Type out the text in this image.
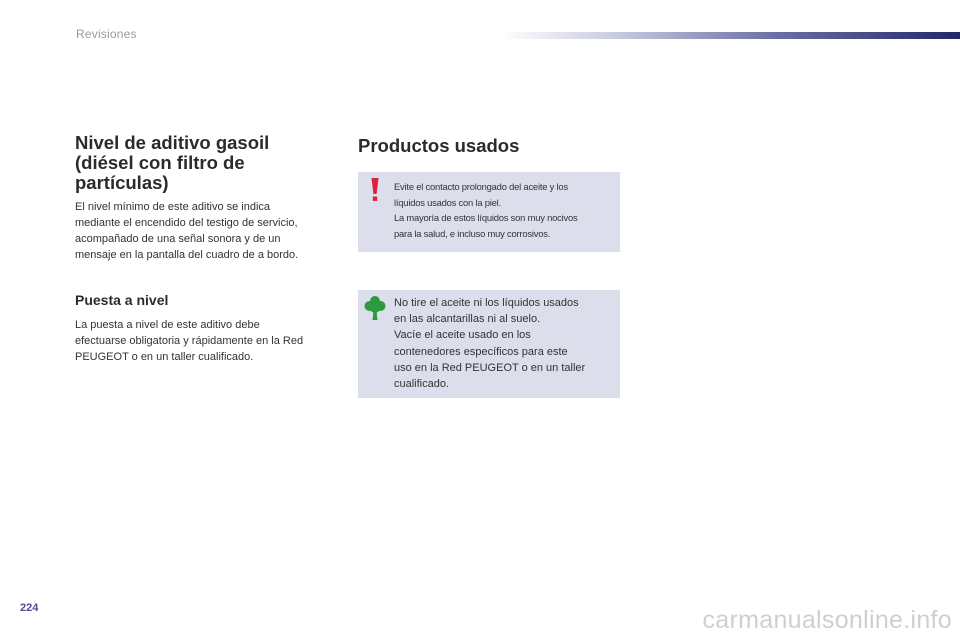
Revisiones
Nivel de aditivo gasoil
(diésel con filtro de
partículas)
El nivel mínimo de este aditivo se indica
mediante el encendido del testigo de servicio,
acompañado de una señal sonora y de un
mensaje en la pantalla del cuadro de a bordo.
Puesta a nivel
La puesta a nivel de este aditivo debe
efectuarse obligatoria y rápidamente en la Red
PEUGEOT o en un taller cualificado.
Productos usados
Evite el contacto prolongado del aceite y los
líquidos usados con la piel.
La mayoría de estos líquidos son muy nocivos
para la salud, e incluso muy corrosivos.
No tire el aceite ni los líquidos usados
en las alcantarillas ni al suelo.
Vacíe el aceite usado en los
contenedores específicos para este
uso en la Red PEUGEOT o en un taller
cualificado.
224	carmanualsonline.info
